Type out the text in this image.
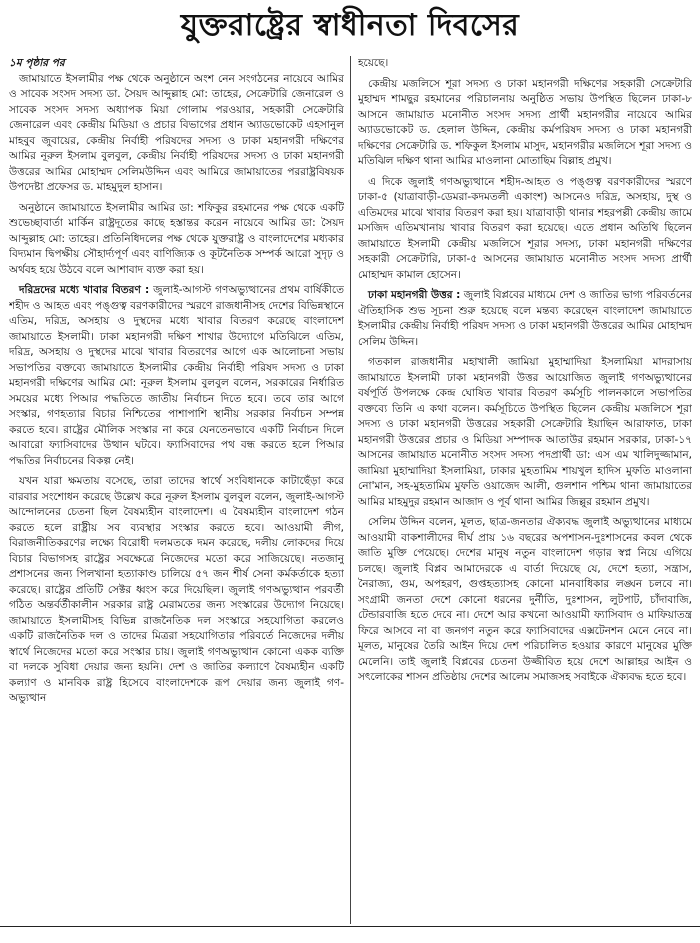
যুক্তরাষ্ট্রের স্বাধীনতা দিবসের

১ম পৃষ্ঠার পর

জামায়াতে ইসলামীর পক্ষ থেকে অনুষ্ঠানে অংশ নেন সংগঠনের নায়েবে আমির ও সাবেক সংসদ সদস্য ডা. সৈয়দ আব্দুল্লাহ মো: তাহের, সেক্রেটারি জেনারেল ও সাবেক সংসদ সদস্য অধ্যাপক মিয়া গোলাম পরওয়ার, সহকারী সেক্রেটারি জেনারেল এবং কেন্দ্রীয় মিডিয়া ও প্রচার বিভাগের প্রধান অ্যাডভোকেট এহসানুল মাহবুব জুবায়ের, কেন্দ্রীয় নির্বাহী পরিষদের সদস্য ও ঢাকা মহানগরী দক্ষিণের আমির নূরুল ইসলাম বুলবুল, কেন্দ্রীয় নির্বাহী পরিষদের সদস্য ও ঢাকা মহানগরী উত্তরের আমির মোহাম্মদ সেলিমউদ্দিন এবং আমিরে জামায়াতের পররাষ্ট্রবিষয়ক উপদেষ্টা প্রফেসর ড. মাহমুদুল হাসান।

অনুষ্ঠানে জামায়াতে ইসলামীর আমির ডা: শফিকুর রহমানের পক্ষ থেকে একটি শুভেচ্ছাবার্তা মার্কিন রাষ্ট্রদূতের কাছে হস্তান্তর করেন নায়েবে আমির ডা: সৈয়দ আব্দুল্লাহ মো: তাহের। প্রতিনিধিদলের পক্ষ থেকে যুক্তরাষ্ট্র ও বাংলাদেশের মধ্যকার বিদ্যমান দ্বিপক্ষীয় সৌহার্দ্যপূর্ণ এবং বাণিজ্যিক ও কূটনৈতিক সম্পর্ক আরো সুদৃঢ় ও অর্থবহ হয়ে উঠবে বলে আশাবাদ ব্যক্ত করা হয়।

দরিদ্রদের মধ্যে খাবার বিতরণ : জুলাই-আগস্ট গণঅভ্যুত্থানের প্রথম বার্ষিকীতে শহীদ ও আহত এবং পঙ্গুত্ব বরণকারীদের স্মরণে রাজধানীসহ দেশের বিভিন্নস্থানে এতিম, দরিদ্র, অসহায় ও দুস্থদের মধ্যে খাবার বিতরণ করেছে বাংলাদেশ জামায়াতে ইসলামী। ঢাকা মহানগরী দক্ষিণ শাখার উদ্যোগে মতিঝিলে এতিম, দরিদ্র, অসহায় ও দুস্থদের মাঝে খাবার বিতরণের আগে এক আলোচনা সভায় সভাপতির বক্তব্যে জামায়াতে ইসলামীর কেন্দ্রীয় নির্বাহী পরিষদ সদস্য ও ঢাকা মহানগরী দক্ষিণের আমির মো: নূরুল ইসলাম বুলবুল বলেন, সরকারের নির্ধারিত সময়ের মধ্যে পিআর পদ্ধতিতে জাতীয় নির্বাচন দিতে হবে। তবে তার আগে সংস্কার, গণহত্যার বিচার নিশ্চিতের পাশাপাশি স্থানীয় সরকার নির্বাচন সম্পন্ন করতে হবে। রাষ্ট্রের মৌলিক সংস্কার না করে যেনতেনভাবে একটি নির্বাচন দিলে আবারো ফ্যাসিবাদের উত্থান ঘটবে। ফ্যাসিবাদের পথ বন্ধ করতে হলে পিআর পদ্ধতির নির্বাচনের বিকল্প নেই।

যখন যারা ক্ষমতায় বসেছে, তারা তাদের স্বার্থে সংবিধানকে কাটাছেঁড়া করে বারবার সংশোধন করেছে উল্লেখ করে নূরুল ইসলাম বুলবুল বলেন, জুলাই-আগস্ট আন্দোলনের চেতনা ছিল বৈষম্যহীন বাংলাদেশ। এ বৈষম্যহীন বাংলাদেশ গঠন করতে হলে রাষ্ট্রীয় সব ব্যবস্থার সংস্কার করতে হবে। আওয়ামী লীগ, বিরাজনীতিকরণের লক্ষ্যে বিরোধী দলমতকে দমন করেছে, দলীয় লোকদের দিয়ে বিচার বিভাগসহ রাষ্ট্রের সবক্ষেত্রে নিজেদের মতো করে সাজিয়েছে। নতজানু প্রশাসনের জন্য পিলখানা হত্যাকাণ্ড চালিয়ে ৫৭ জন শীর্ষ সেনা কর্মকর্তাকে হত্যা করেছে। রাষ্ট্রের প্রতিটি সেক্টর ধ্বংস করে দিয়েছিল। জুলাই গণঅভ্যুত্থান পরবর্তী গঠিত অন্তর্বর্তীকালীন সরকার রাষ্ট্র মেরামতের জন্য সংস্কারের উদ্যোগ নিয়েছে। জামায়াতে ইসলামীসহ বিভিন্ন রাজনৈতিক দল সংস্কারে সহযোগিতা করলেও একটি রাজনৈতিক দল ও তাদের মিত্ররা সহযোগিতার পরিবর্তে নিজেদের দলীয় স্বার্থে নিজেদের মতো করে সংস্কার চায়। জুলাই গণঅভ্যুত্থান কোনো একক ব্যক্তি বা দলকে সুবিধা দেয়ার জন্য হয়নি। দেশ ও জাতির কল্যাণে বৈষম্যহীন একটি কল্যাণ ও মানবিক রাষ্ট্র হিসেবে বাংলাদেশকে রূপ দেয়ার জন্য জুলাই গণ-অভ্যুত্থান

হয়েছে।

কেন্দ্রীয় মজলিসে শূরা সদস্য ও ঢাকা মহানগরী দক্ষিণের সহকারী সেক্রেটারি মুহাম্মদ শামছুর রহমানের পরিচালনায় অনুষ্ঠিত সভায় উপস্থিত ছিলেন ঢাকা-৮ আসনে জামায়াত মনোনীত সংসদ সদস্য প্রার্থী মহানগরীর নায়েবে আমির অ্যাডভোকেট ড. হেলাল উদ্দিন, কেন্দ্রীয় কর্মপরিষদ সদস্য ও ঢাকা মহানগরী দক্ষিণের সেক্রেটারি ড. শফিকুল ইসলাম মাসুদ, মহানগরীর মজলিসে শূরা সদস্য ও মতিঝিল দক্ষিণ থানা আমির মাওলানা মোতাছিম বিল্লাহ প্রমুখ।

এ দিকে জুলাই গণঅভ্যুত্থানে শহীদ-আহত ও পঙ্গুত্ব বরণকারীদের স্মরণে ঢাকা-৫ (যাত্রাবাড়ী-ডেমরা-কদমতলী একাংশ) আসনেও দরিদ্র, অসহায়, দুস্থ ও এতিমদের মাঝে খাবার বিতরণ করা হয়। যাত্রাবাড়ী থানার শহরপল্লী কেন্দ্রীয় জামে মসজিদ এতিমখানায় খাবার বিতরণ করা হয়েছে। এতে প্রধান অতিথি ছিলেন জামায়াতে ইসলামী কেন্দ্রীয় মজলিসে শূরার সদস্য, ঢাকা মহানগরী দক্ষিণের সহকারী সেক্রেটারি, ঢাকা-৫ আসনের জামায়াত মনোনীত সংসদ সদস্য প্রার্থী মোহাম্মদ কামাল হোসেন।

ঢাকা মহানগরী উত্তর : জুলাই বিপ্লবের মাধ্যমে দেশ ও জাতির ভাগ্য পরিবর্তনের ঐতিহাসিক শুভ সূচনা শুরু হয়েছে বলে মন্তব্য করেছেন বাংলাদেশ জামায়াতে ইসলামীর কেন্দ্রীয় নির্বাহী পরিষদ সদস্য ও ঢাকা মহানগরী উত্তরের আমির মোহাম্মদ সেলিম উদ্দিন।

গতকাল রাজধানীর মহাখালী জামিয়া মুহাম্মাদিয়া ইসলামিয়া মাদরাসায় জামায়াতে ইসলামী ঢাকা মহানগরী উত্তর আয়োজিত জুলাই গণঅভ্যুত্থানের বর্ষপূর্তি উপলক্ষে কেন্দ্র ঘোষিত খাবার বিতরণ কর্মসূচি পালনকালে সভাপতির বক্তব্যে তিনি এ কথা বলেন। কর্মসূচিতে উপস্থিত ছিলেন কেন্দ্রীয় মজলিসে শূরা সদস্য ও ঢাকা মহানগরী উত্তরের সহকারী সেক্রেটারি ইয়াছিন আরাফাত, ঢাকা মহানগরী উত্তরের প্রচার ও মিডিয়া সম্পাদক আতাউর রহমান সরকার, ঢাকা-১৭ আসনের জামায়াত মনোনীত সংসদ সদস্য পদপ্রার্থী ডা: এস এম খালিদুজ্জামান, জামিয়া মুহাম্মাদিয়া ইসলামিয়া, ঢাকার মুহতামিম শায়খুল হাদিস মুফতি মাওলানা নো'মান, সহ-মুহতামিম মুফতি ওয়াজেদ আলী, গুলশান পশ্চিম থানা জামায়াতের আমির মাহমুদুর রহমান আজাদ ও পূর্ব থানা আমির জিল্লুর রহমান প্রমুখ।

সেলিম উদ্দিন বলেন, মূলত, ছাত্র-জনতার ঐক্যবদ্ধ জুলাই অভ্যুত্থানের মাধ্যমে আওয়ামী বাকশালীদের দীর্ঘ প্রায় ১৬ বছরের অপশাসন-দুঃশাসনের কবল থেকে জাতি মুক্তি পেয়েছে। দেশের মানুষ নতুন বাংলাদেশ গড়ার স্বপ্ন নিয়ে এগিয়ে চলছে। জুলাই বিপ্লব আমাদেরকে এ বার্তা দিয়েছে যে, দেশে হত্যা, সন্ত্রাস, নৈরাজ্য, গুম, অপহরণ, গুপ্তহত্যাসহ কোনো মানবাধিকার লঙ্ঘন চলবে না। সংগ্রামী জনতা দেশে কোনো ধরনের দুর্নীতি, দুঃশাসন, লুটপাট, চাঁদাবাজি, টেন্ডারবাজি হতে দেবে না। দেশে আর কখনো আওয়ামী ফ্যাসিবাদ ও মাফিয়াতন্ত্র ফিরে আসবে না বা জনগণ নতুন করে ফ্যাসিবাদের এক্সটেনশন মেনে নেবে না। মূলত, মানুষের তৈরি আইন দিয়ে দেশ পরিচালিত হওয়ার কারণে মানুষের মুক্তি মেলেনি। তাই জুলাই বিপ্লবের চেতনা উজ্জীবিত হয়ে দেশে আল্লাহর আইন ও সৎলোকের শাসন প্রতিষ্ঠায় দেশের আলেম সমাজসহ সবাইকে ঐক্যবদ্ধ হতে হবে।
